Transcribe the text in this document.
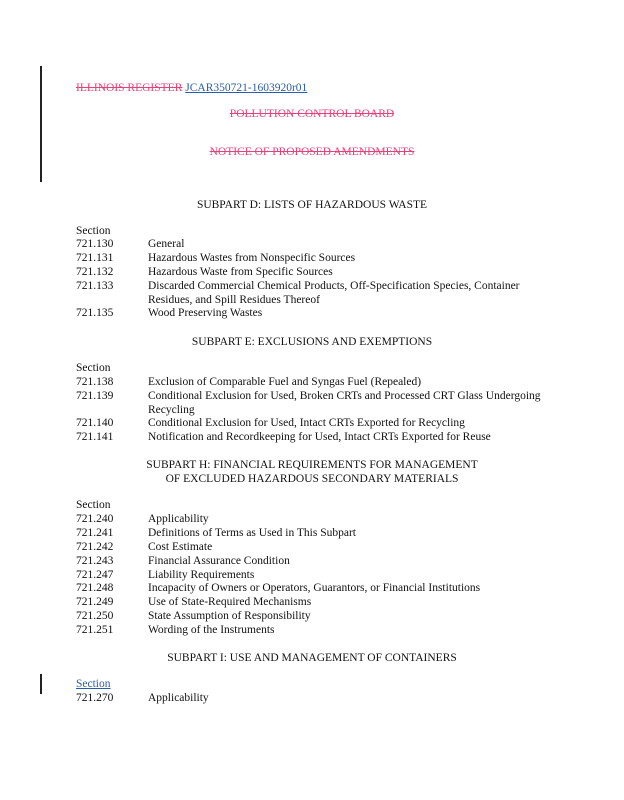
ILLINOIS REGISTER JCAR350721-1603920r01
POLLUTION CONTROL BOARD
NOTICE OF PROPOSED AMENDMENTS
SUBPART D: LISTS OF HAZARDOUS WASTE
Section
721.130	General
721.131	Hazardous Wastes from Nonspecific Sources
721.132	Hazardous Waste from Specific Sources
721.133	Discarded Commercial Chemical Products, Off-Specification Species, Container Residues, and Spill Residues Thereof
721.135	Wood Preserving Wastes
SUBPART E: EXCLUSIONS AND EXEMPTIONS
Section
721.138	Exclusion of Comparable Fuel and Syngas Fuel (Repealed)
721.139	Conditional Exclusion for Used, Broken CRTs and Processed CRT Glass Undergoing Recycling
721.140	Conditional Exclusion for Used, Intact CRTs Exported for Recycling
721.141	Notification and Recordkeeping for Used, Intact CRTs Exported for Reuse
SUBPART H: FINANCIAL REQUIREMENTS FOR MANAGEMENT
OF EXCLUDED HAZARDOUS SECONDARY MATERIALS
Section
721.240	Applicability
721.241	Definitions of Terms as Used in This Subpart
721.242	Cost Estimate
721.243	Financial Assurance Condition
721.247	Liability Requirements
721.248	Incapacity of Owners or Operators, Guarantors, or Financial Institutions
721.249	Use of State-Required Mechanisms
721.250	State Assumption of Responsibility
721.251	Wording of the Instruments
SUBPART I: USE AND MANAGEMENT OF CONTAINERS
Section
721.270	Applicability
